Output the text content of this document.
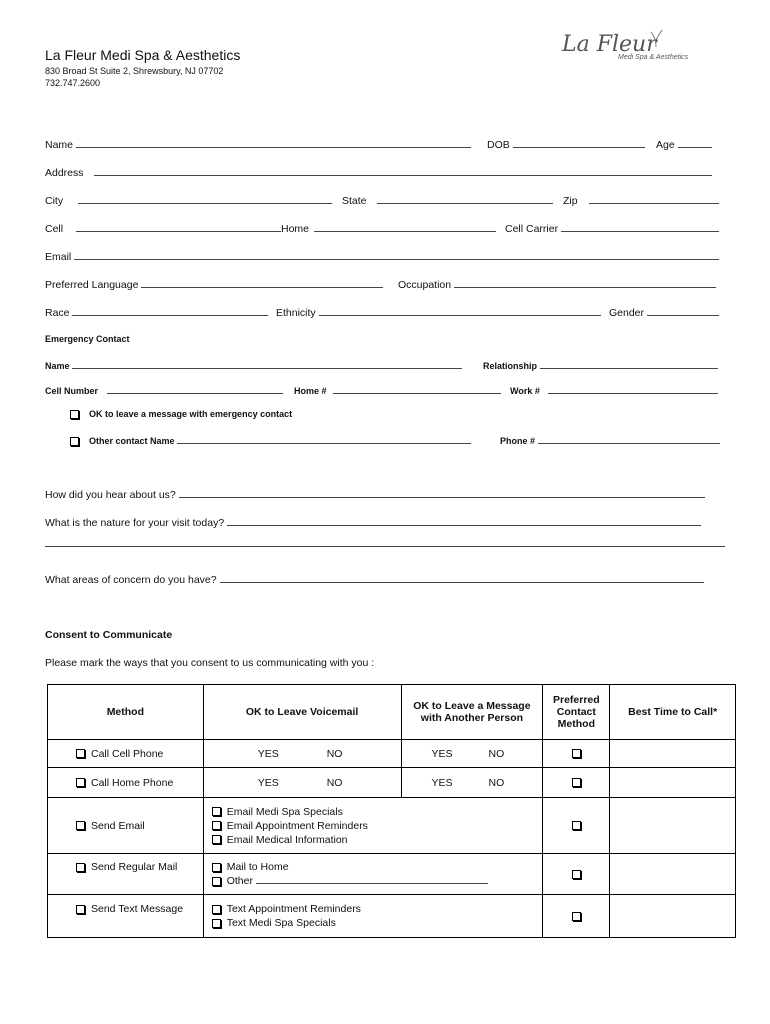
La Fleur Medi Spa & Aesthetics
830 Broad St Suite 2, Shrewsbury, NJ 07702
732.747.2600
La Fleur
Medi Spa & Aesthetics
Name	DOB	Age
Address
City	State	Zip
Cell	Home	Cell Carrier
Email
Preferred Language	Occupation
Race	Ethnicity	Gender
Emergency Contact
Name	Relationship
Cell Number	Home #	Work #
OK to leave a message with emergency contact
Other contact Name	Phone #
How did you hear about us?
What is the nature for your visit today?
What areas of concern do you have?
Consent to Communicate
Please mark the ways that you consent to us communicating with you :
Method	OK to Leave Voicemail	OK to Leave a Message with Another Person	Preferred Contact Method	Best Time to Call*
Call Cell Phone	YES NO	YES NO		
Call Home Phone	YES NO	YES NO		
Send Email	Email Medi Spa Specials
Email Appointment Reminders
Email Medical Information			

Send Regular Mail	Mail to Home
Other			

Send Text Message	Text Appointment Reminders
Text Medi Spa Specials			
